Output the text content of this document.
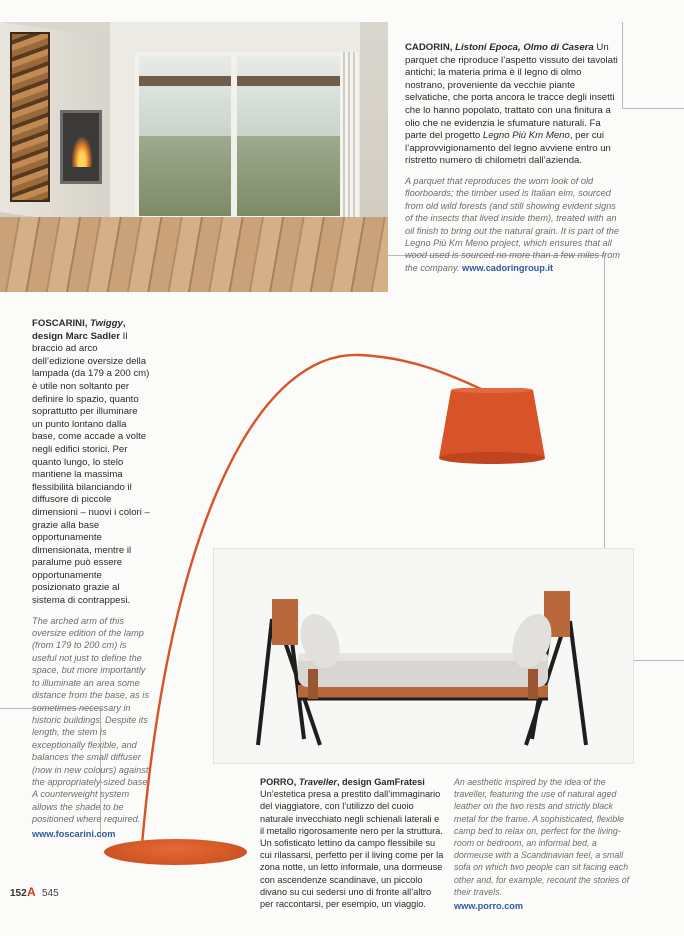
CADORIN, Listoni Epoca, Olmo di Casera Un parquet che riproduce l’aspetto vissuto dei tavolati antichi; la materia prima è il legno di olmo nostrano, proveniente da vecchie piante selvatiche, che porta ancora le tracce degli insetti che lo hanno popolato, trattato con una finitura a olio che ne evidenzia le sfumature naturali. Fa parte del progetto Legno Più Km Meno, per cui l’approvvigionamento del legno avviene entro un ristretto numero di chilometri dall’azienda.

A parquet that reproduces the worn look of old floorboards; the timber used is Italian elm, sourced from old wild forests (and still showing evident signs of the insects that lived inside them), treated with an oil finish to bring out the natural grain. It is part of the Legno Più Km Meno project, which ensures that all wood used is sourced no more than a few miles from the company. www.cadoringroup.it

FOSCARINI, Twiggy, design Marc Sadler Il braccio ad arco dell’edizione oversize della lampada (da 179 a 200 cm) è utile non soltanto per definire lo spazio, quanto soprattutto per illuminare un punto lontano dalla base, come accade a volte negli edifici storici. Per quanto lungo, lo stelo mantiene la massima flessibilità bilanciando il diffusore di piccole dimensioni – nuovi i colori – grazie alla base opportunamente dimensionata, mentre il paralume può essere opportunamente posizionato grazie al sistema di contrappesi.

The arched arm of this oversize edition of the lamp (from 179 to 200 cm) is useful not just to define the space, but more importantly to illuminate an area some distance from the base, as is sometimes necessary in historic buildings. Despite its length, the stem is exceptionally flexible, and balances the small diffuser (now in new colours) against the appropriately-sized base. A counterweight system allows the shade to be positioned where required.

www.foscarini.com

PORRO, Traveller, design GamFratesi Un’estetica presa a prestito dall’immaginario del viaggiatore, con l’utilizzo del cuoio naturale invecchiato negli schienali laterali e il metallo rigorosamente nero per la struttura. Un sofisticato lettino da campo flessibile su cui rilassarsi, perfetto per il living come per la zona notte, un letto informale, una dormeuse con ascendenze scandinave, un piccolo divano su cui sedersi uno di fronte all’altro per raccontarsi, per esempio, un viaggio.

An aesthetic inspired by the idea of the traveller, featuring the use of natural aged leather on the two rests and strictly black metal for the frame. A sophisticated, flexible camp bed to relax on, perfect for the living-room or bedroom, an informal bed, a dormeuse with a Scandinavian feel, a small sofa on which two people can sit facing each other and, for example, recount the stories of their travels.

www.porro.com

152 A 545
